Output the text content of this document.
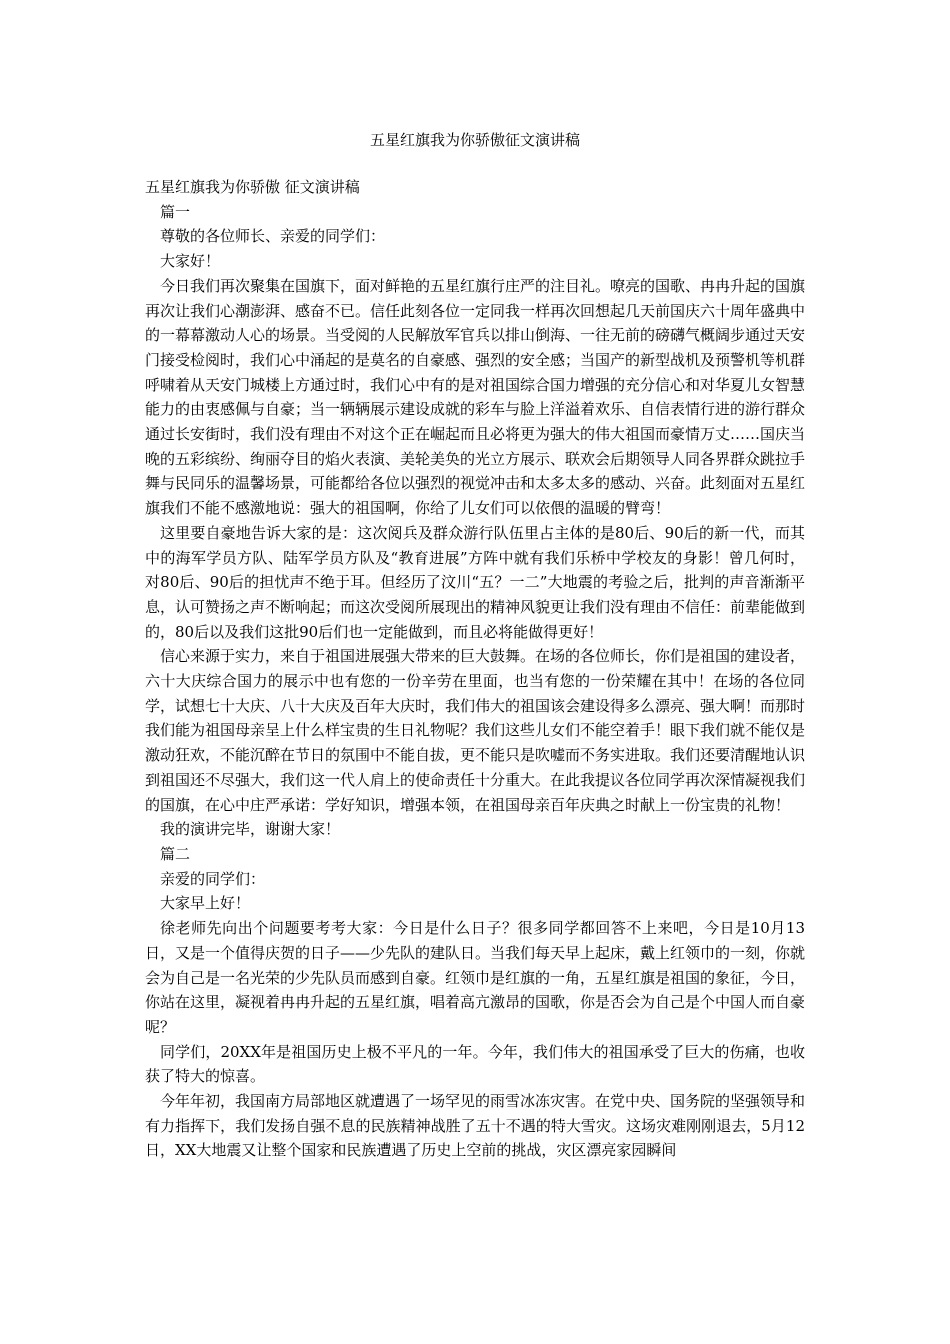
五星红旗我为你骄傲征文演讲稿

五星红旗我为你骄傲 征文演讲稿

篇一

尊敬的各位师长、亲爱的同学们：

大家好！

今日我们再次聚集在国旗下，面对鲜艳的五星红旗行庄严的注目礼。嘹亮的国歌、冉冉升起的国旗再次让我们心潮澎湃、感奋不已。信任此刻各位一定同我一样再次回想起几天前国庆六十周年盛典中的一幕幕激动人心的场景。当受阅的人民解放军官兵以排山倒海、一往无前的磅礴气概阔步通过天安门接受检阅时，我们心中涌起的是莫名的自豪感、强烈的安全感；当国产的新型战机及预警机等机群呼啸着从天安门城楼上方通过时，我们心中有的是对祖国综合国力增强的充分信心和对华夏儿女智慧能力的由衷感佩与自豪；当一辆辆展示建设成就的彩车与脸上洋溢着欢乐、自信表情行进的游行群众通过长安街时，我们没有理由不对这个正在崛起而且必将更为强大的伟大祖国而豪情万丈……国庆当晚的五彩缤纷、绚丽夺目的焰火表演、美轮美奂的光立方展示、联欢会后期领导人同各界群众跳拉手舞与民同乐的温馨场景，可能都给各位以强烈的视觉冲击和太多太多的感动、兴奋。此刻面对五星红旗我们不能不感激地说：强大的祖国啊，你给了儿女们可以依偎的温暖的臂弯！

这里要自豪地告诉大家的是：这次阅兵及群众游行队伍里占主体的是80后、90后的新一代，而其中的海军学员方队、陆军学员方队及“教育进展”方阵中就有我们乐桥中学校友的身影！曾几何时，对80后、90后的担忧声不绝于耳。但经历了汶川“五？一二”大地震的考验之后，批判的声音渐渐平息，认可赞扬之声不断响起；而这次受阅所展现出的精神风貌更让我们没有理由不信任：前辈能做到的，80后以及我们这批90后们也一定能做到，而且必将能做得更好！

信心来源于实力，来自于祖国进展强大带来的巨大鼓舞。在场的各位师长，你们是祖国的建设者，六十大庆综合国力的展示中也有您的一份辛劳在里面，也当有您的一份荣耀在其中！在场的各位同学，试想七十大庆、八十大庆及百年大庆时，我们伟大的祖国该会建设得多么漂亮、强大啊！而那时我们能为祖国母亲呈上什么样宝贵的生日礼物呢？我们这些儿女们不能空着手！眼下我们就不能仅是激动狂欢，不能沉醉在节日的氛围中不能自拔，更不能只是吹嘘而不务实进取。我们还要清醒地认识到祖国还不尽强大，我们这一代人肩上的使命责任十分重大。在此我提议各位同学再次深情凝视我们的国旗，在心中庄严承诺：学好知识，增强本领，在祖国母亲百年庆典之时献上一份宝贵的礼物！

我的演讲完毕，谢谢大家！

篇二

亲爱的同学们：

大家早上好！

徐老师先向出个问题要考考大家：今日是什么日子？很多同学都回答不上来吧，今日是10月13日，又是一个值得庆贺的日子——少先队的建队日。当我们每天早上起床，戴上红领巾的一刻，你就会为自己是一名光荣的少先队员而感到自豪。红领巾是红旗的一角，五星红旗是祖国的象征，今日，你站在这里，凝视着冉冉升起的五星红旗，唱着高亢激昂的国歌，你是否会为自己是个中国人而自豪呢？

同学们，20XX年是祖国历史上极不平凡的一年。今年，我们伟大的祖国承受了巨大的伤痛，也收获了特大的惊喜。

今年年初，我国南方局部地区就遭遇了一场罕见的雨雪冰冻灾害。在党中央、国务院的坚强领导和有力指挥下，我们发扬自强不息的民族精神战胜了五十不遇的特大雪灾。这场灾难刚刚退去，5月12日，XX大地震又让整个国家和民族遭遇了历史上空前的挑战，灾区漂亮家园瞬间
